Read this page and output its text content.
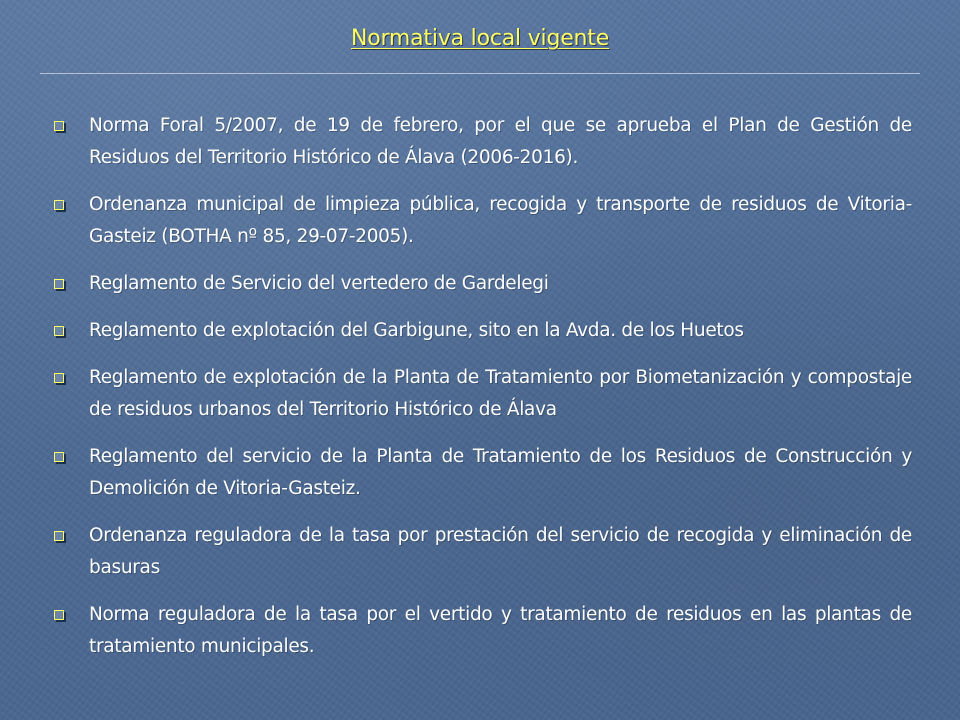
Normativa local vigente
Norma Foral 5/2007, de 19 de febrero, por el que se aprueba el Plan de Gestión de Residuos del Territorio Histórico de Álava (2006-2016).
Ordenanza municipal de limpieza pública, recogida y transporte de residuos de Vitoria-Gasteiz (BOTHA nº 85, 29-07-2005).
Reglamento de Servicio del vertedero de Gardelegi
Reglamento de explotación del Garbigune, sito en la Avda. de los Huetos
Reglamento de explotación de la Planta de Tratamiento por Biometanización y compostaje de residuos urbanos del Territorio Histórico de Álava
Reglamento del servicio de la Planta de Tratamiento de los Residuos de Construcción y Demolición de Vitoria-Gasteiz.
Ordenanza reguladora de la tasa por prestación del servicio de recogida y eliminación de basuras
Norma reguladora de la tasa por el vertido y tratamiento de residuos en las plantas de tratamiento municipales.
